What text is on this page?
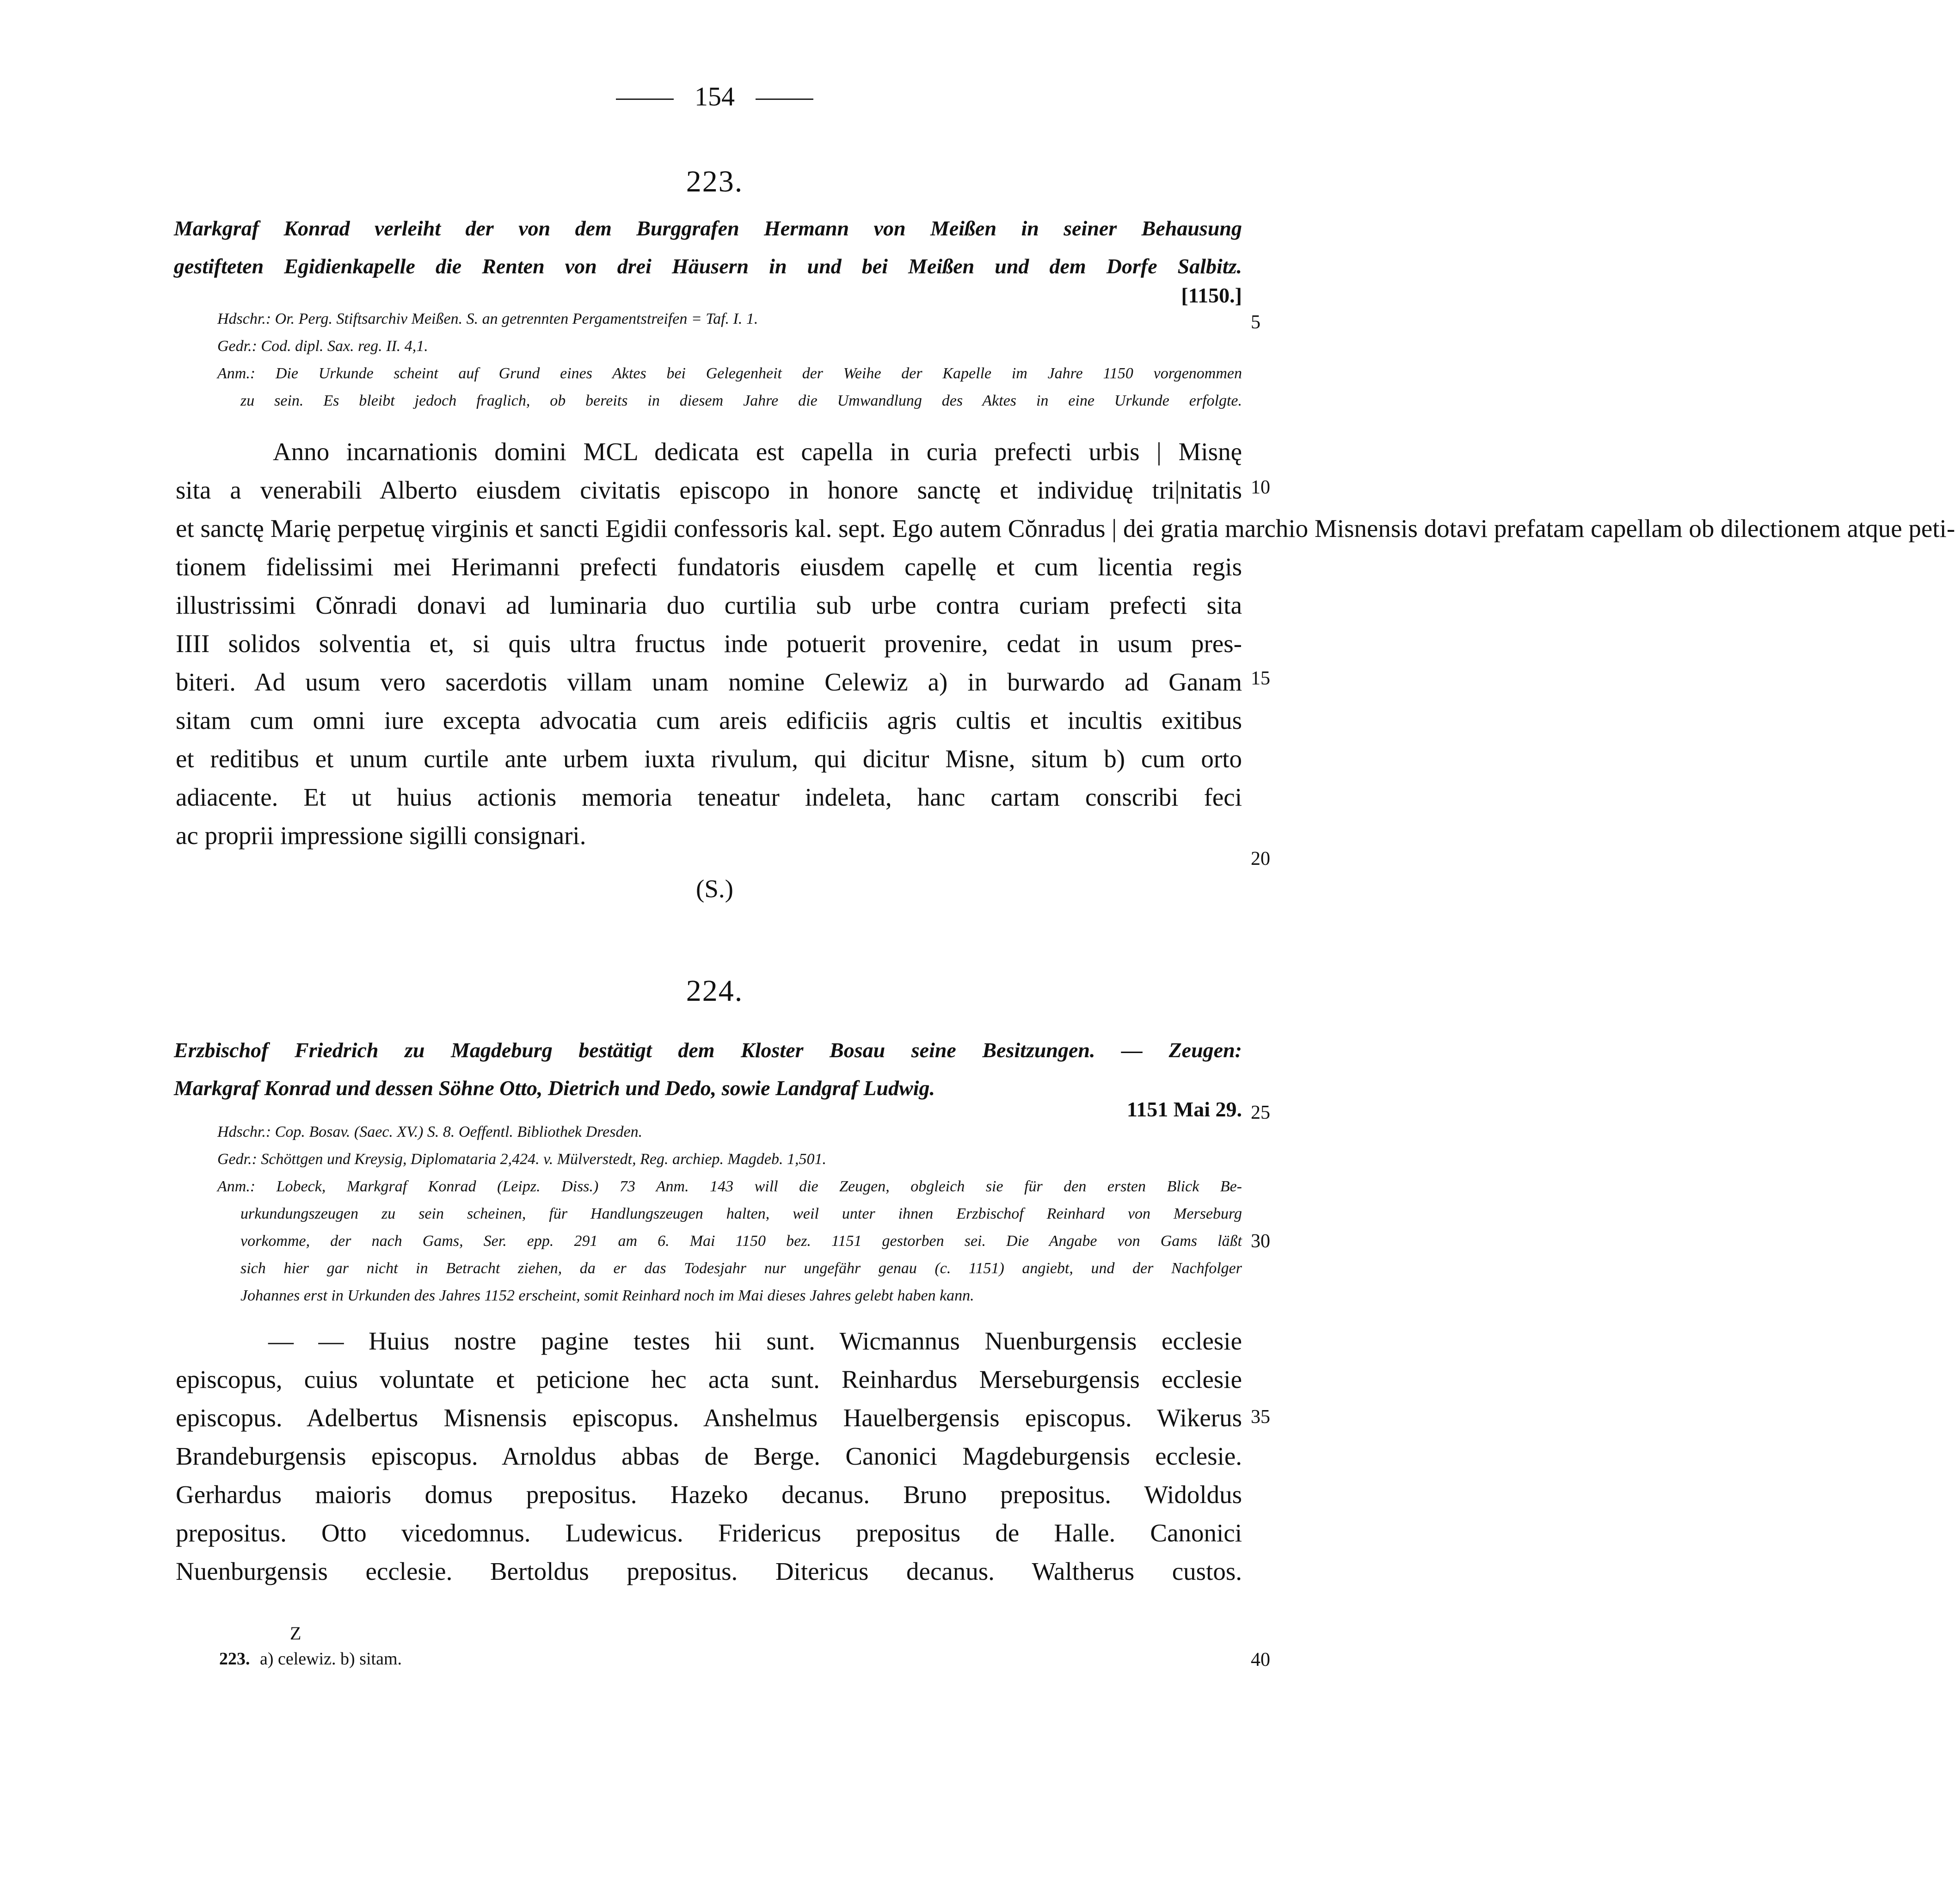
154
223.
Markgraf Konrad verleiht der von dem Burggrafen Hermann von Meißen in seiner Behausung
gestifteten Egidienkapelle die Renten von drei Häusern in und bei Meißen und dem Dorfe Salbitz.
[1150.]
Hdschr.: Or. Perg. Stiftsarchiv Meißen. S. an getrennten Pergamentstreifen = Taf. I. 1.
Gedr.: Cod. dipl. Sax. reg. II. 4,1.
Anm.: Die Urkunde scheint auf Grund eines Aktes bei Gelegenheit der Weihe der Kapelle im Jahre 1150 vorgenommen
zu sein. Es bleibt jedoch fraglich, ob bereits in diesem Jahre die Umwandlung des Aktes in eine Urkunde erfolgte.
Anno incarnationis domini MCL dedicata est capella in curia prefecti urbis | Misnę
sita a venerabili Alberto eiusdem civitatis episcopo in honore sanctę et individuę tri|nitatis
et sanctę Marię perpetuę virginis et sancti Egidii confessoris kal. sept. Ego autem Cŏnradus | dei gratia marchio Misnensis dotavi prefatam capellam ob dilectionem atque peti-
tionem fidelissimi mei Herimanni prefecti fundatoris eiusdem capellę et cum licentia regis
illustrissimi Cŏnradi donavi ad luminaria duo curtilia sub urbe contra curiam prefecti sita
IIII solidos solventia et, si quis ultra fructus inde potuerit provenire, cedat in usum pres-
biteri. Ad usum vero sacerdotis villam unam nomine Celewiz a) in burwardo ad Ganam
sitam cum omni iure excepta advocatia cum areis edificiis agris cultis et incultis exitibus
et reditibus et unum curtile ante urbem iuxta rivulum, qui dicitur Misne, situm b) cum orto
adiacente. Et ut huius actionis memoria teneatur indeleta, hanc cartam conscribi feci
ac proprii impressione sigilli consignari.
(S.)
224.
Erzbischof Friedrich zu Magdeburg bestätigt dem Kloster Bosau seine Besitzungen. — Zeugen:
Markgraf Konrad und dessen Söhne Otto, Dietrich und Dedo, sowie Landgraf Ludwig.
1151 Mai 29.
Hdschr.: Cop. Bosav. (Saec. XV.) S. 8. Oeffentl. Bibliothek Dresden.
Gedr.: Schöttgen und Kreysig, Diplomataria 2,424. v. Mülverstedt, Reg. archiep. Magdeb. 1,501.
Anm.: Lobeck, Markgraf Konrad (Leipz. Diss.) 73 Anm. 143 will die Zeugen, obgleich sie für den ersten Blick Be-
urkundungszeugen zu sein scheinen, für Handlungszeugen halten, weil unter ihnen Erzbischof Reinhard von Merseburg
vorkomme, der nach Gams, Ser. epp. 291 am 6. Mai 1150 bez. 1151 gestorben sei. Die Angabe von Gams läßt
sich hier gar nicht in Betracht ziehen, da er das Todesjahr nur ungefähr genau (c. 1151) angiebt, und der Nachfolger
Johannes erst in Urkunden des Jahres 1152 erscheint, somit Reinhard noch im Mai dieses Jahres gelebt haben kann.
— — Huius nostre pagine testes hii sunt. Wicmannus Nuenburgensis ecclesie
episcopus, cuius voluntate et peticione hec acta sunt. Reinhardus Merseburgensis ecclesie
episcopus. Adelbertus Misnensis episcopus. Anshelmus Hauelbergensis episcopus. Wikerus
Brandeburgensis episcopus. Arnoldus abbas de Berge. Canonici Magdeburgensis ecclesie.
Gerhardus maioris domus prepositus. Hazeko decanus. Bruno prepositus. Widoldus
prepositus. Otto vicedomnus. Ludewicus. Fridericus prepositus de Halle. Canonici
Nuenburgensis ecclesie. Bertoldus prepositus. Ditericus decanus. Waltherus custos.
5
10
15
20
25
30
35
40
Z
223. a) celewiz. b) sitam.
